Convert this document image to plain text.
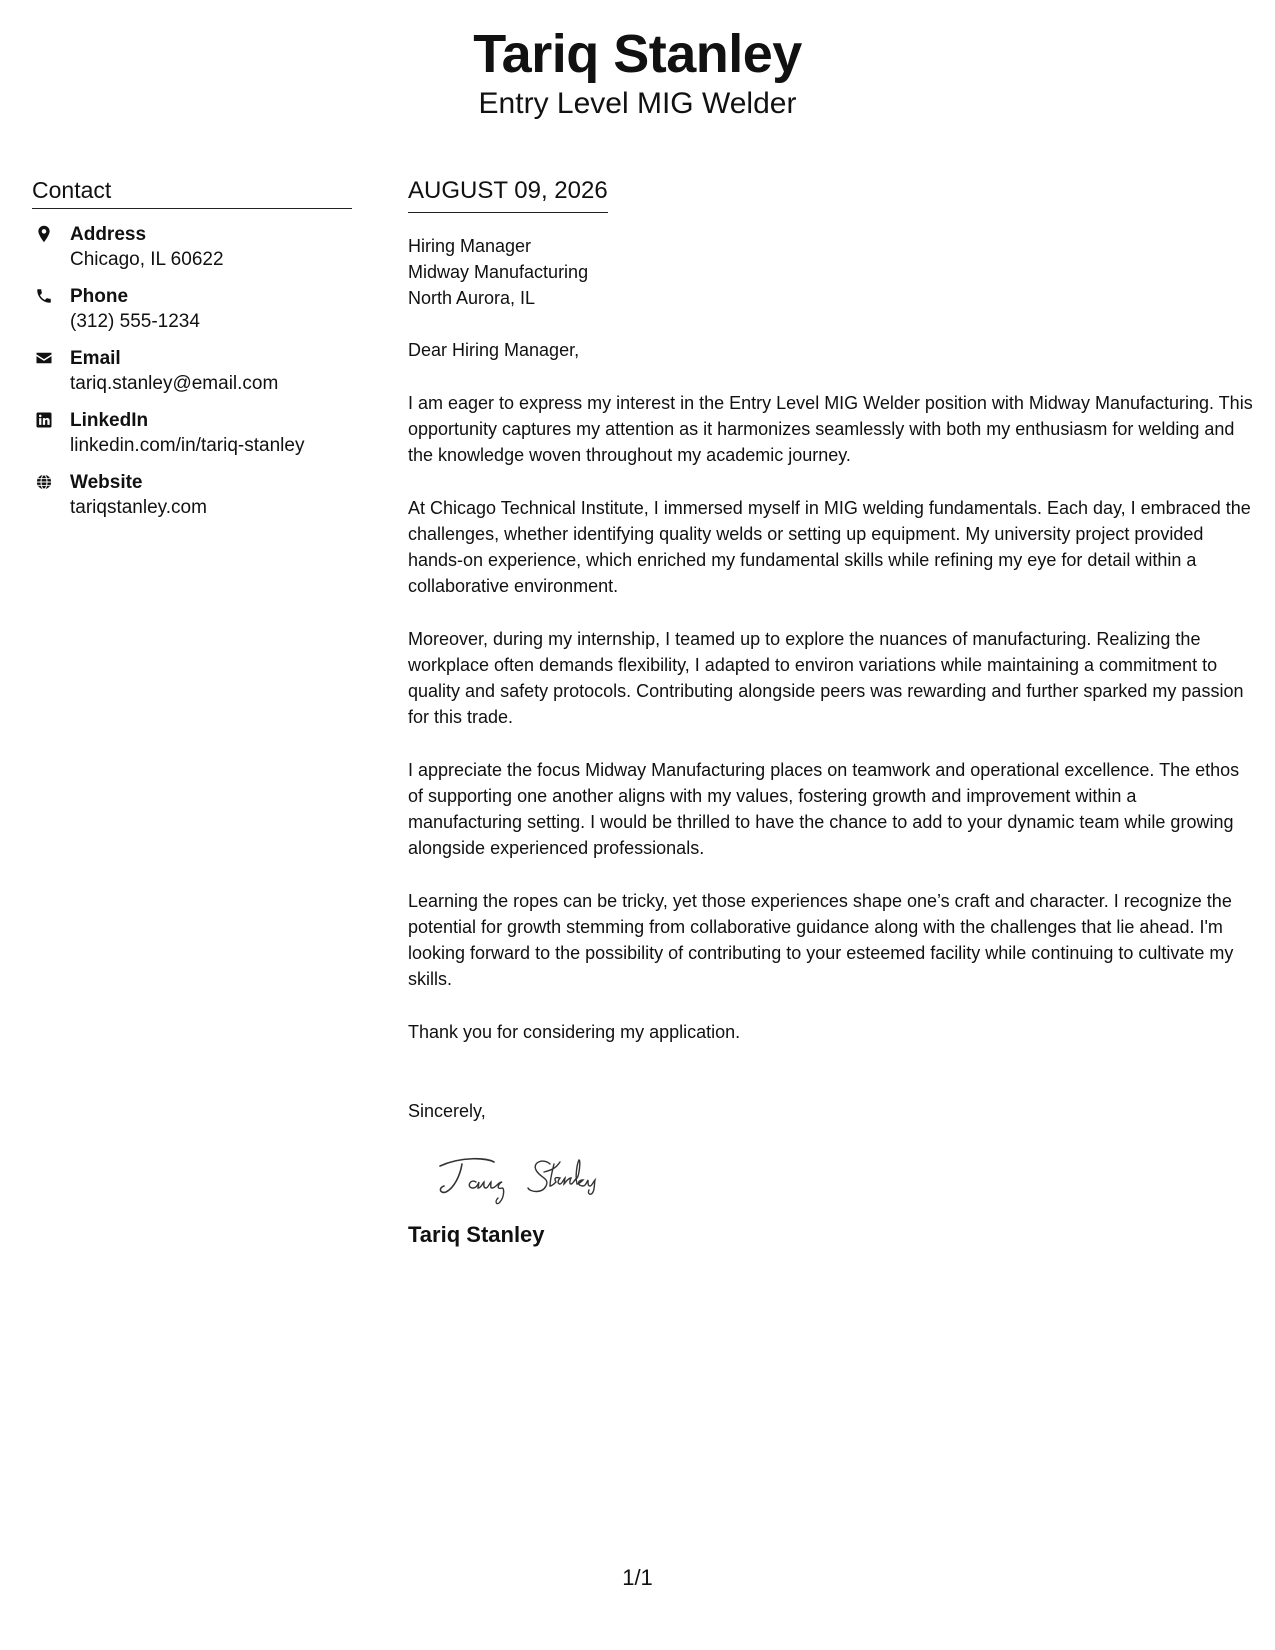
Tariq Stanley
Entry Level MIG Welder
Contact
Address
Chicago, IL 60622
Phone
(312) 555-1234
Email
tariq.stanley@email.com
LinkedIn
linkedin.com/in/tariq-stanley
Website
tariqstanley.com
AUGUST 09, 2026
Hiring Manager
Midway Manufacturing
North Aurora, IL

Dear Hiring Manager,

I am eager to express my interest in the Entry Level MIG Welder position with Midway Manufacturing. This opportunity captures my attention as it harmonizes seamlessly with both my enthusiasm for welding and the knowledge woven throughout my academic journey.

At Chicago Technical Institute, I immersed myself in MIG welding fundamentals. Each day, I embraced the challenges, whether identifying quality welds or setting up equipment. My university project provided hands-on experience, which enriched my fundamental skills while refining my eye for detail within a collaborative environment.

Moreover, during my internship, I teamed up to explore the nuances of manufacturing. Realizing the workplace often demands flexibility, I adapted to environ variations while maintaining a commitment to quality and safety protocols. Contributing alongside peers was rewarding and further sparked my passion for this trade.

I appreciate the focus Midway Manufacturing places on teamwork and operational excellence. The ethos of supporting one another aligns with my values, fostering growth and improvement within a manufacturing setting. I would be thrilled to have the chance to add to your dynamic team while growing alongside experienced professionals.

Learning the ropes can be tricky, yet those experiences shape one’s craft and character. I recognize the potential for growth stemming from collaborative guidance along with the challenges that lie ahead. I'm looking forward to the possibility of contributing to your esteemed facility while continuing to cultivate my skills.

Thank you for considering my application.

Sincerely,
Tariq Stanley
1/1
